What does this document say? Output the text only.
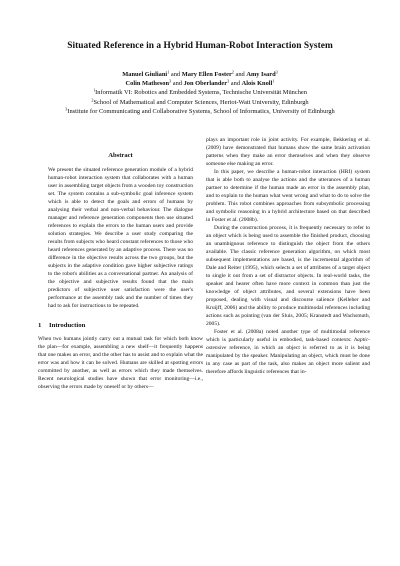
Situated Reference in a Hybrid Human-Robot Interaction System
Manuel Giuliani$^1$ and Mary Ellen Foster$^2$ and Amy Isard$^3$
Colin Matheson$^3$ and Jon Oberlander$^3$ and Alois Knoll$^1$
$^1$Informatik VI: Robotics and Embedded Systems, Technische Universität München
$^2$School of Mathematical and Computer Sciences, Heriot-Watt University, Edinburgh
$^3$Institute for Communicating and Collaborative Systems, School of Informatics, University of Edinburgh
Abstract

We present the situated reference generation module of a hybrid human-robot interaction system that collaborates with a human user in assembling target objects from a wooden toy construction set. The system contains a sub-symbolic goal inference system which is able to detect the goals and errors of humans by analysing their verbal and non-verbal behaviour. The dialogue manager and reference generation components then use situated references to explain the errors to the human users and provide solution strategies. We describe a user study comparing the results from subjects who heard constant references to those who heard references generated by an adaptive process. There was no difference in the objective results across the two groups, but the subjects in the adaptive condition gave higher subjective ratings to the robot's abilities as a conversational partner. An analysis of the objective and subjective results found that the main predictors of subjective user satisfaction were the user's performance at the assembly task and the number of times they had to ask for instructions to be repeated.

1 Introduction

When two humans jointly carry out a mutual task for which both know the plan—for example, assembling a new shelf—it frequently happens that one makes an error, and the other has to assist and to explain what the error was and how it can be solved. Humans are skilled at spotting errors committed by another, as well as errors which they made themselves. Recent neurological studies have shown that error monitoring—i.e., observing the errors made by oneself or by others—

plays an important role in joint activity. For example, Bekkering et al. (2009) have demonstrated that humans show the same brain activation patterns when they make an error themselves and when they observe someone else making an error.

In this paper, we describe a human-robot interaction (HRI) system that is able both to analyse the actions and the utterances of a human partner to determine if the human made an error in the assembly plan, and to explain to the human what went wrong and what to do to solve the problem. This robot combines approaches from subsymbolic processing and symbolic reasoning in a hybrid architecture based on that described in Foster et al. (2008b).

During the construction process, it is frequently necessary to refer to an object which is being used to assemble the finished product, choosing an unambiguous reference to distinguish the object from the others available. The classic reference generation algorithm, on which most subsequent implementations are based, is the incremental algorithm of Dale and Reiter (1995), which selects a set of attributes of a target object to single it out from a set of distractor objects. In real-world tasks, the speaker and hearer often have more context in common than just the knowledge of object attributes, and several extensions have been proposed, dealing with visual and discourse salience (Kelleher and Kruijff, 2006) and the ability to produce multimodal references including actions such as pointing (van der Sluis, 2005; Kranstedt and Wachsmuth, 2005).

Foster et al. (2008a) noted another type of multimodal reference which is particularly useful in embodied, task-based contexts: haptic-ostensive reference, in which an object is referred to as it is being manipulated by the speaker. Manipulating an object, which must be done in any case as part of the task, also makes an object more salient and therefore affords linguistic references that in-
